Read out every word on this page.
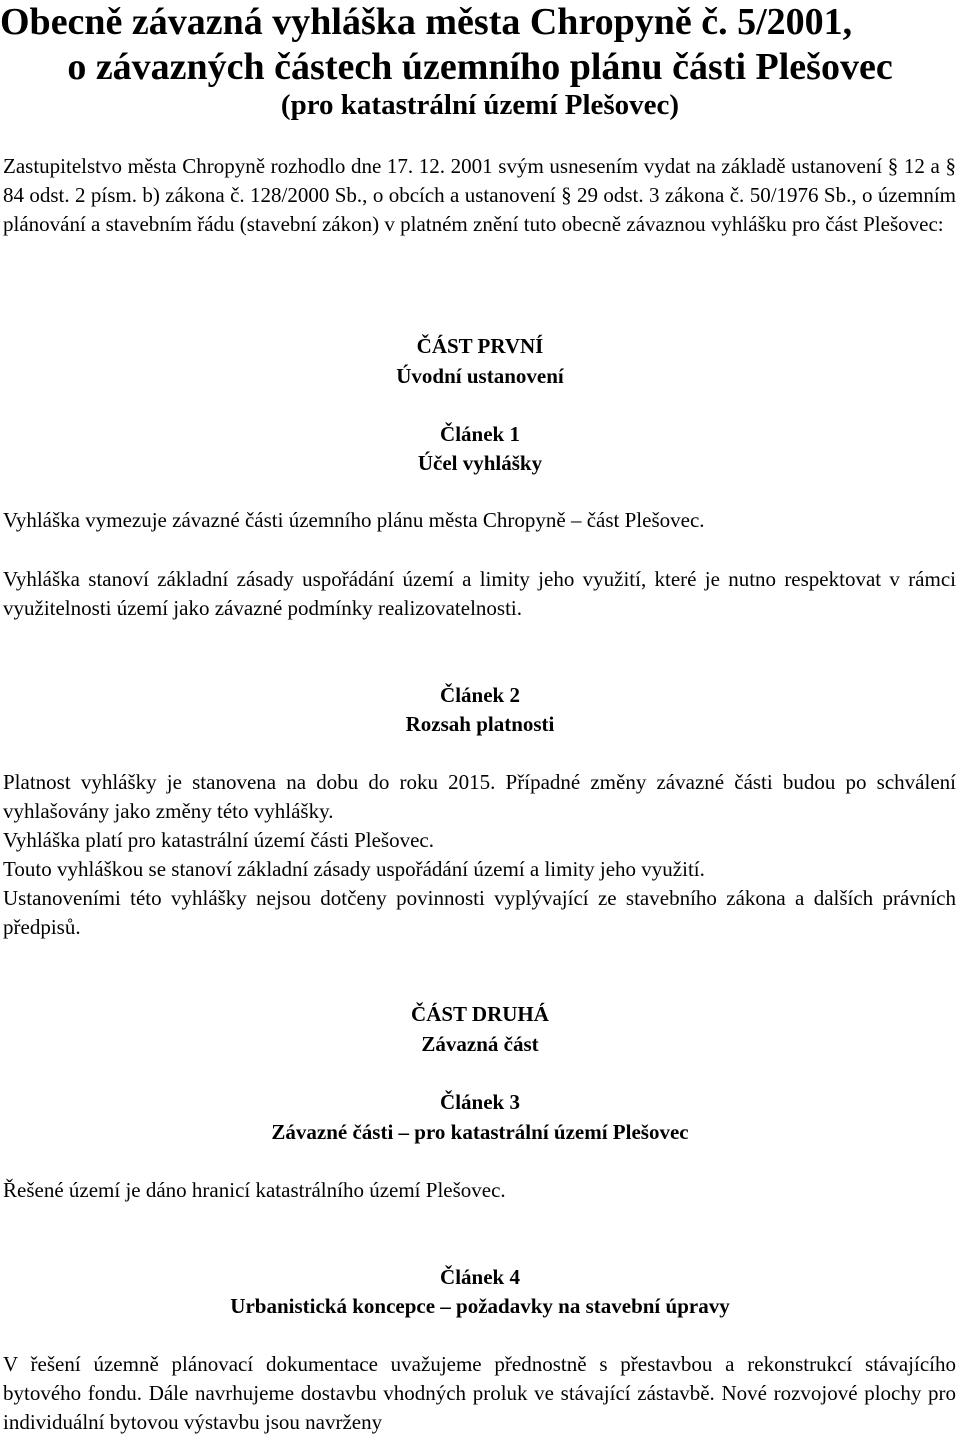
Obecně závazná vyhláška města Chropyně č. 5/2001,
o závazných částech územního plánu části Plešovec
(pro katastrální území Plešovec)

Zastupitelstvo města Chropyně rozhodlo dne 17. 12. 2001 svým usnesením vydat na základě ustanovení § 12 a § 84 odst. 2 písm. b) zákona č. 128/2000 Sb., o obcích a ustanovení § 29 odst. 3 zákona č. 50/1976 Sb., o územním plánování a stavebním řádu (stavební zákon) v platném znění tuto obecně závaznou vyhlášku pro část Plešovec:

ČÁST PRVNÍ
Úvodní ustanovení
Článek 1
Účel vyhlášky

Vyhláška vymezuje závazné části územního plánu města Chropyně – část Plešovec.

Vyhláška stanoví základní zásady uspořádání území a limity jeho využití, které je nutno respektovat v rámci využitelnosti území jako závazné podmínky realizovatelnosti.

Článek 2
Rozsah platnosti

Platnost vyhlášky je stanovena na dobu do roku 2015. Případné změny závazné části budou po schválení vyhlašovány jako změny této vyhlášky.

Vyhláška platí pro katastrální území části Plešovec.

Touto vyhláškou se stanoví základní zásady uspořádání území a limity jeho využití.

Ustanoveními této vyhlášky nejsou dotčeny povinnosti vyplývající ze stavebního zákona a dalších právních předpisů.

ČÁST DRUHÁ
Závazná část
Článek 3
Závazné části – pro katastrální území Plešovec

Řešené území je dáno hranicí katastrálního území Plešovec.

Článek 4
Urbanistická koncepce – požadavky na stavební úpravy

V řešení územně plánovací dokumentace uvažujeme přednostně s přestavbou a rekonstrukcí stávajícího bytového fondu. Dále navrhujeme dostavbu vhodných proluk ve stávající zástavbě. Nové rozvojové plochy pro individuální bytovou výstavbu jsou navrženy
